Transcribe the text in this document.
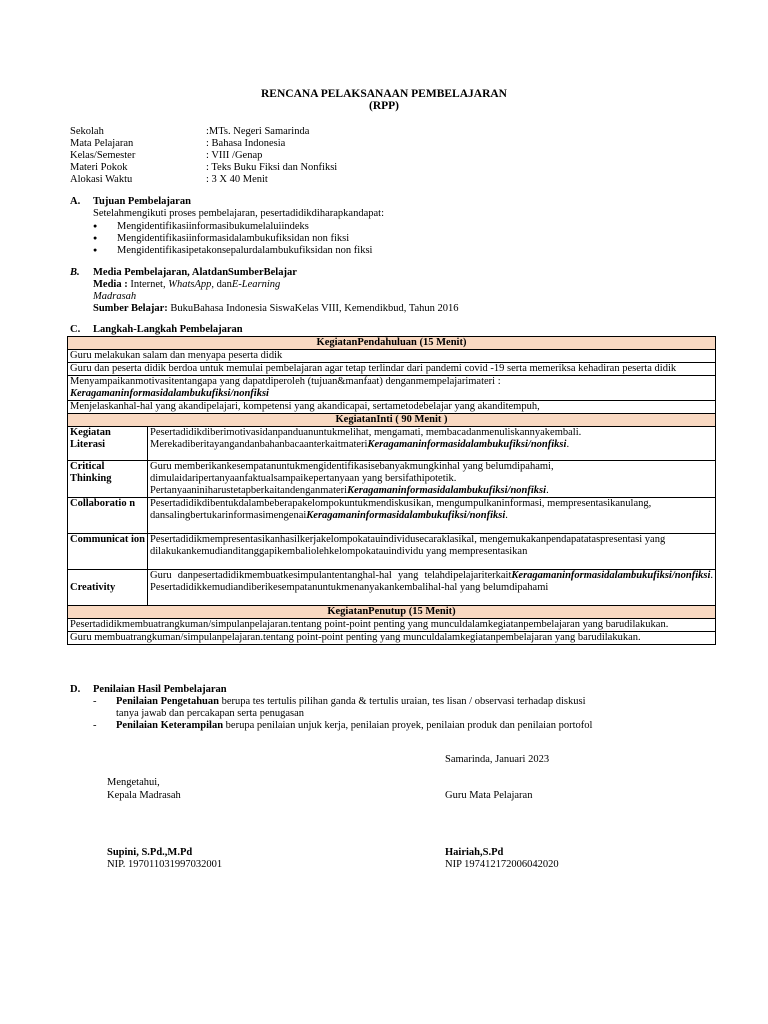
RENCANA PELAKSANAAN PEMBELAJARAN
(RPP)
Sekolah	:MTs. Negeri Samarinda
Mata Pelajaran	: Bahasa Indonesia
Kelas/Semester	: VIII /Genap
Materi Pokok	: Teks Buku Fiksi dan Nonfiksi
Alokasi Waktu	: 3 X 40 Menit
A. Tujuan Pembelajaran
Setelahmengikuti proses pembelajaran, pesertadidikdiharapkandapat:
● Mengidentifikasiinformasibukumelaluiindeks
● Mengidentifikasiinformasidalambukufiksidan non fiksi
● Mengidentifikasipetakonsepalurdalambukufiksidan non fiksi
B. Media Pembelajaran, AlatdanSumberBelajar
Media : Internet, WhatsApp, danE-Learning
Madrasah
Sumber Belajar: BukuBahasa Indonesia SiswaKelas VIII, Kemendikbud, Tahun 2016
C. Langkah-Langkah Pembelajaran
KegiatanPendahuluan (15 Menit)	
Guru melakukan salam dan menyapa peserta didik	
Guru dan peserta didik berdoa untuk memulai pembelajaran agar tetap terlindar dari pandemi covid -19 serta memeriksa kehadiran peserta didik	

Menyampaikanmotivasitentangapa yang dapatdiperoleh (tujuan&manfaat) denganmempelajarimateri :
Keragamaninformasidalambukufiksi/nonfiksi	

Menjelaskanhal-hal yang akandipelajari, kompetensi yang akandicapai, sertametodebelajar yang akanditempuh,	
KegiatanInti ( 90 Menit )	
Kegiatan Literasi	Pesertadidikdiberimotivasidanpanduanuntukmelihat, mengamati, membacadanmenuliskannyakembali. MerekadiberitayangandanbahanbacaanterkaitmateriKeragamaninformasidalambukufiksi/nonfiksi.
Critical Thinking	Guru memberikankesempatanuntukmengidentifikasisebanyakmungkinhal yang belumdipahami, dimulaidaripertanyaanfaktualsampaikepertanyaan yang bersifathipotetik. PertanyaaniniharustetapberkaitandenganmateriKeragamaninformasidalambukufiksi/nonfiksi.
Collaboratio n	Pesertadidikdibentukdalambeberapakelompokuntukmendiskusikan, mengumpulkaninformasi, mempresentasikanulang, dansalingbertukarinformasimengenaiKeragamaninformasidalambukufiksi/nonfiksi.
Communicat ion	Pesertadidikmempresentasikanhasilkerjakelompokatauindividusecaraklasikal, mengemukakanpendapatataspresentasi yang dilakukankemudianditanggapikembaliolehkelompokatauindividu yang mempresentasikan
Creativity	Guru danpesertadidikmembuatkesimpulantentanghal-hal yang telahdipelajariterkaitKeragamaninformasidalambukufiksi/nonfiksi. Pesertadidikkemudiandiberikesempatanuntukmenanyakankembalihal-hal yang belumdipahami
KegiatanPenutup (15 Menit)	
Pesertadidikmembuatrangkuman/simpulanpelajaran.tentang point-point penting yang munculdalamkegiatanpembelajaran yang barudilakukan.	
Guru membuatrangkuman/simpulanpelajaran.tentang point-point penting yang munculdalamkegiatanpembelajaran yang barudilakukan.	
D. Penilaian Hasil Pembelajaran
- Penilaian Pengetahuan berupa tes tertulis pilihan ganda & tertulis uraian, tes lisan / observasi terhadap diskusi
tanya jawab dan percakapan serta penugasan
- Penilaian Keterampilan berupa penilaian unjuk kerja, penilaian proyek, penilaian produk dan penilaian portofol
Samarinda, Januari 2023
Mengetahui,
Kepala Madrasah	Guru Mata Pelajaran
Supini, S.Pd.,M.Pd
NIP. 197011031997032001
Hairiah,S.Pd
NIP 197412172006042020
